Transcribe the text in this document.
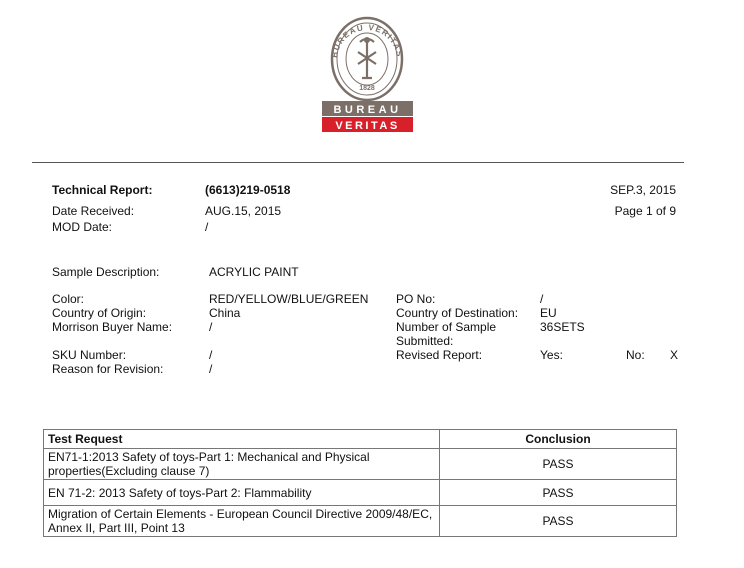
BUREAU VERITAS
1828
BUREAU
VERITAS
Technical Report:	(6613)219-0518	SEP.3, 2015
Date Received:	AUG.15, 2015	Page 1 of 9
MOD Date:	/
Sample Description:	ACRYLIC PAINT
Color:	RED/YELLOW/BLUE/GREEN
Country of Origin:	China
Morrison Buyer Name:	/
PO No:	/
Country of Destination: EU
Number of Sample	36SETS
Submitted:
SKU Number:	/	Revised Report:	Yes:	No: X
Reason for Revision:	/
Test Request	Conclusion

EN71-1:2013 Safety of toys-Part 1: Mechanical and Physical
properties(Excluding clause 7)	PASS

EN 71-2: 2013 Safety of toys-Part 2: Flammability	PASS

Migration of Certain Elements - European Council Directive 2009/48/EC,
Annex II, Part III, Point 13	PASS
